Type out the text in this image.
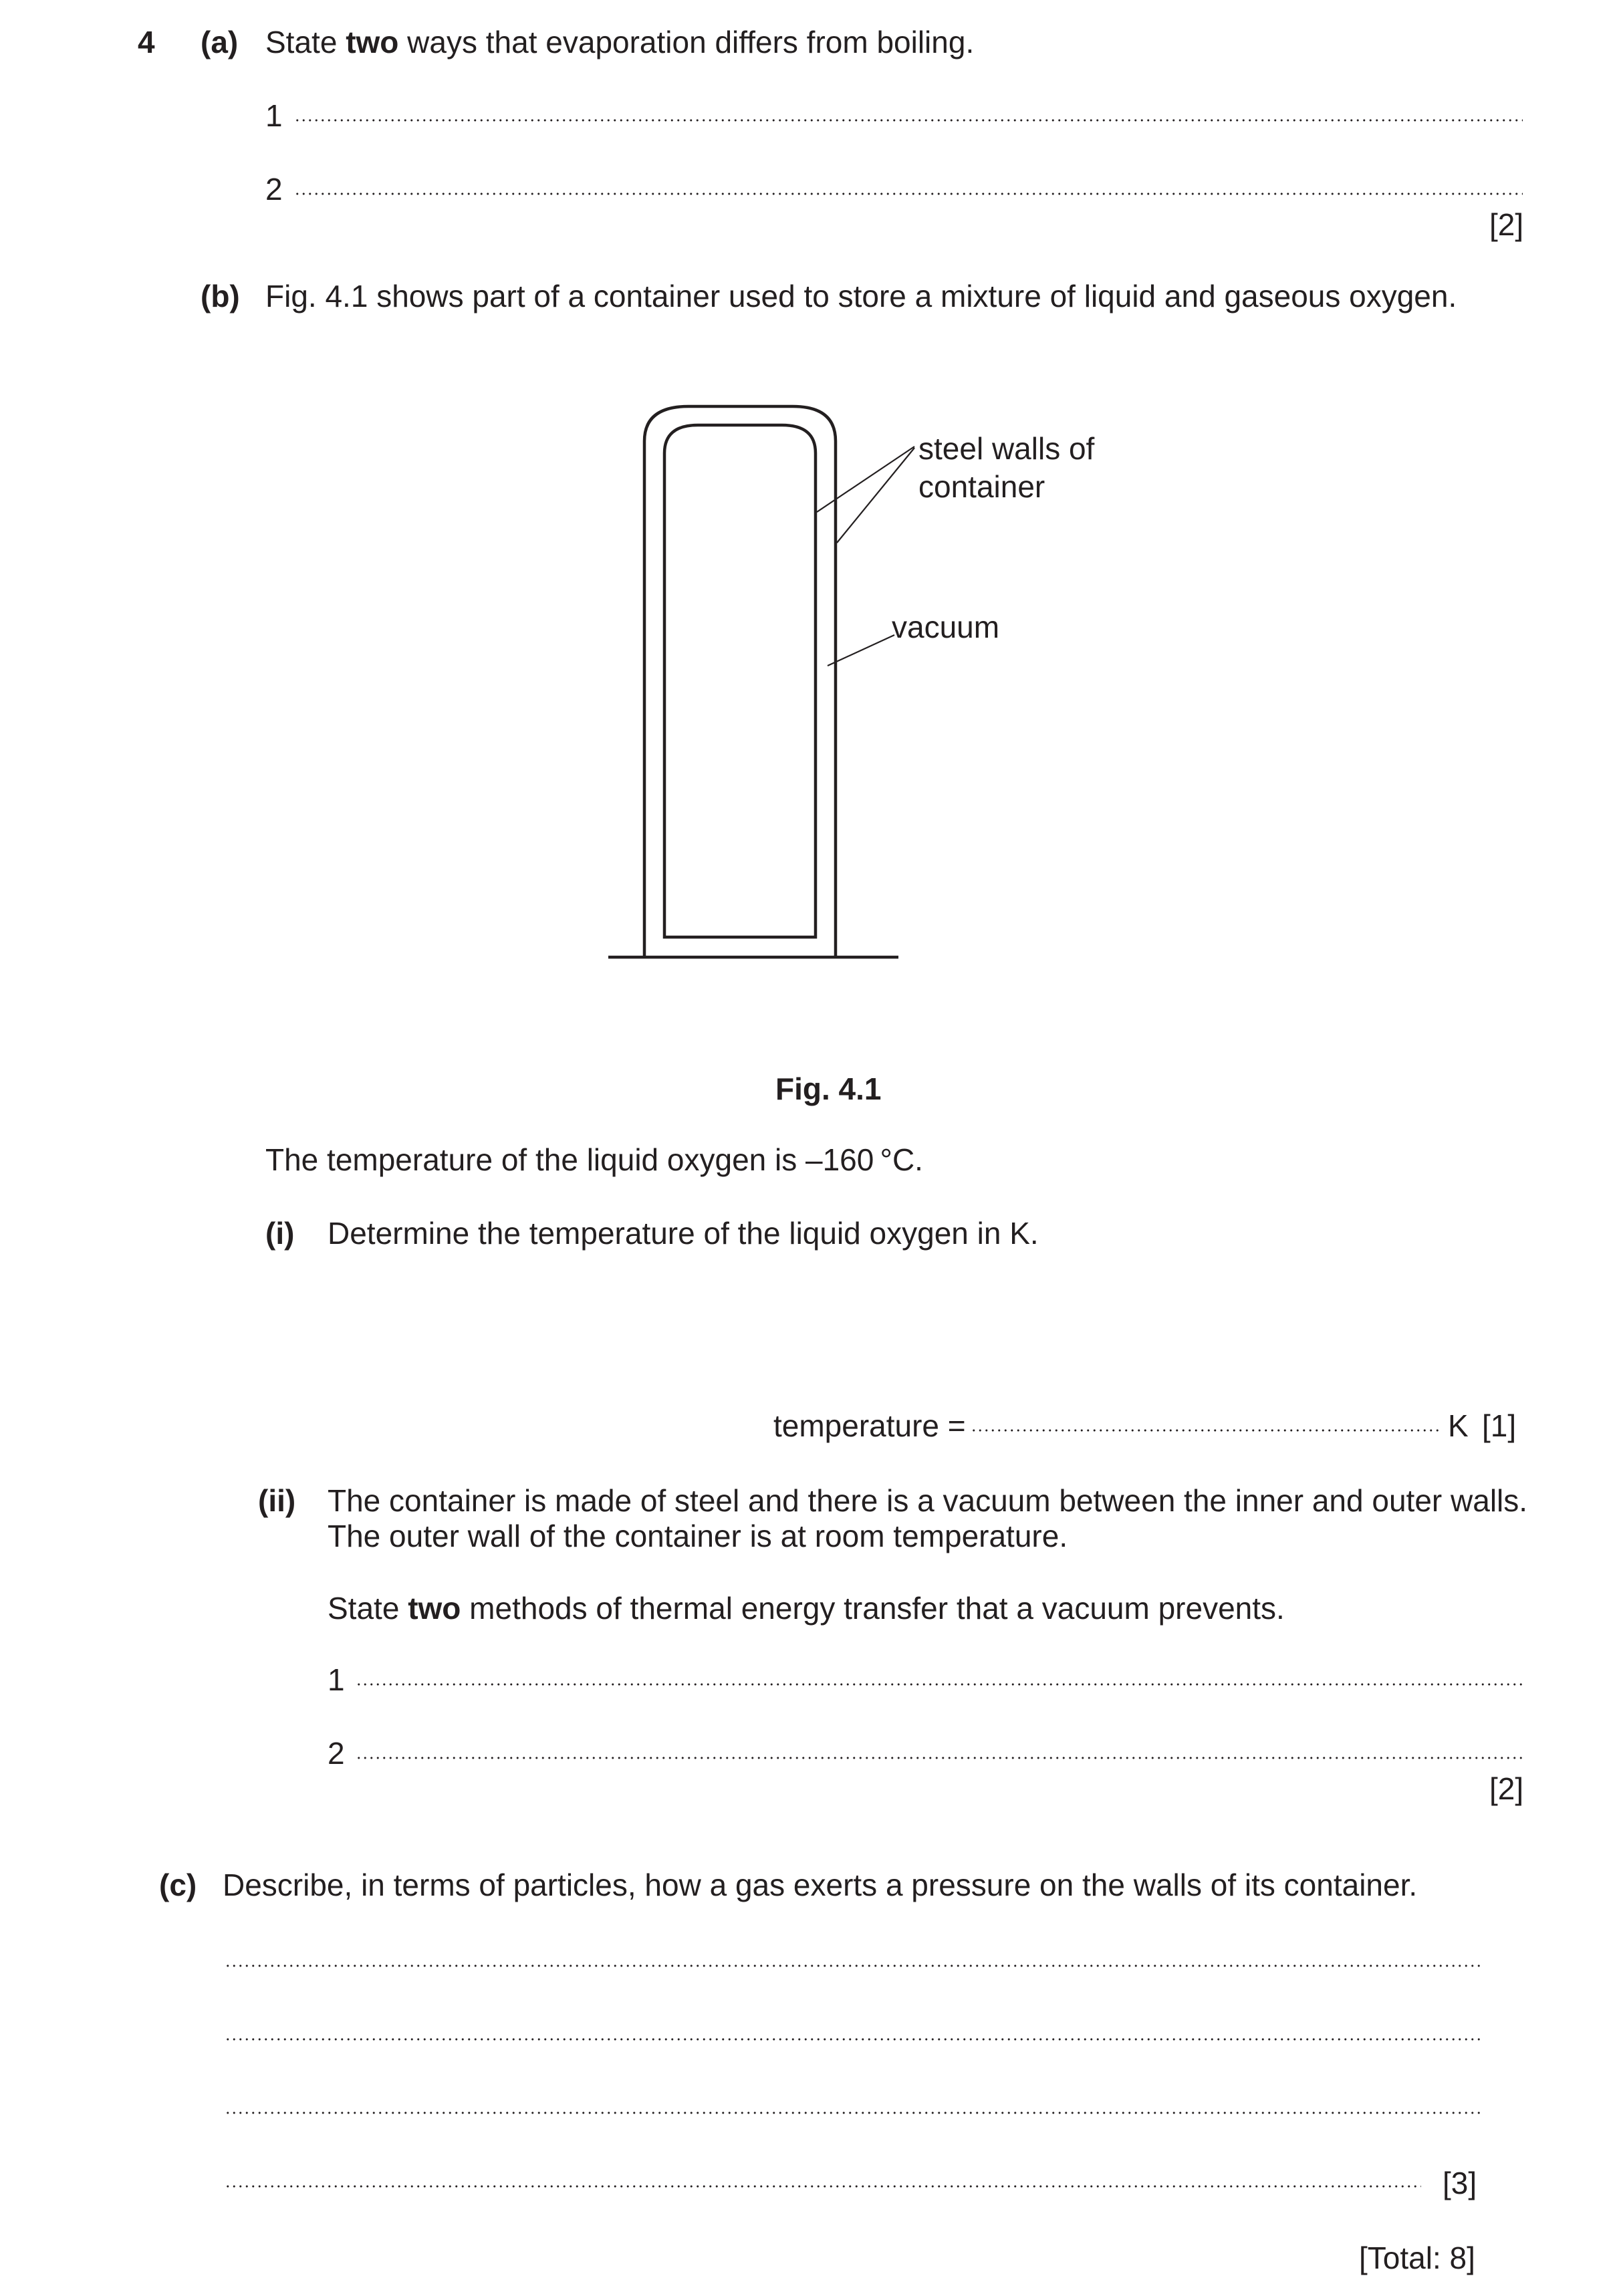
4 (a) State two ways that evaporation differs from boiling.
1
2
[2]
(b) Fig. 4.1 shows part of a container used to store a mixture of liquid and gaseous oxygen.
steel walls of
container
vacuum
Fig. 4.1
The temperature of the liquid oxygen is –160 °C.
(i) Determine the temperature of the liquid oxygen in K.
temperature =	K [1]
(ii) The container is made of steel and there is a vacuum between the inner and outer walls.
The outer wall of the container is at room temperature.
State two methods of thermal energy transfer that a vacuum prevents.
1
2
[2]
(c) Describe, in terms of particles, how a gas exerts a pressure on the walls of its container.
[3]
[Total: 8]
